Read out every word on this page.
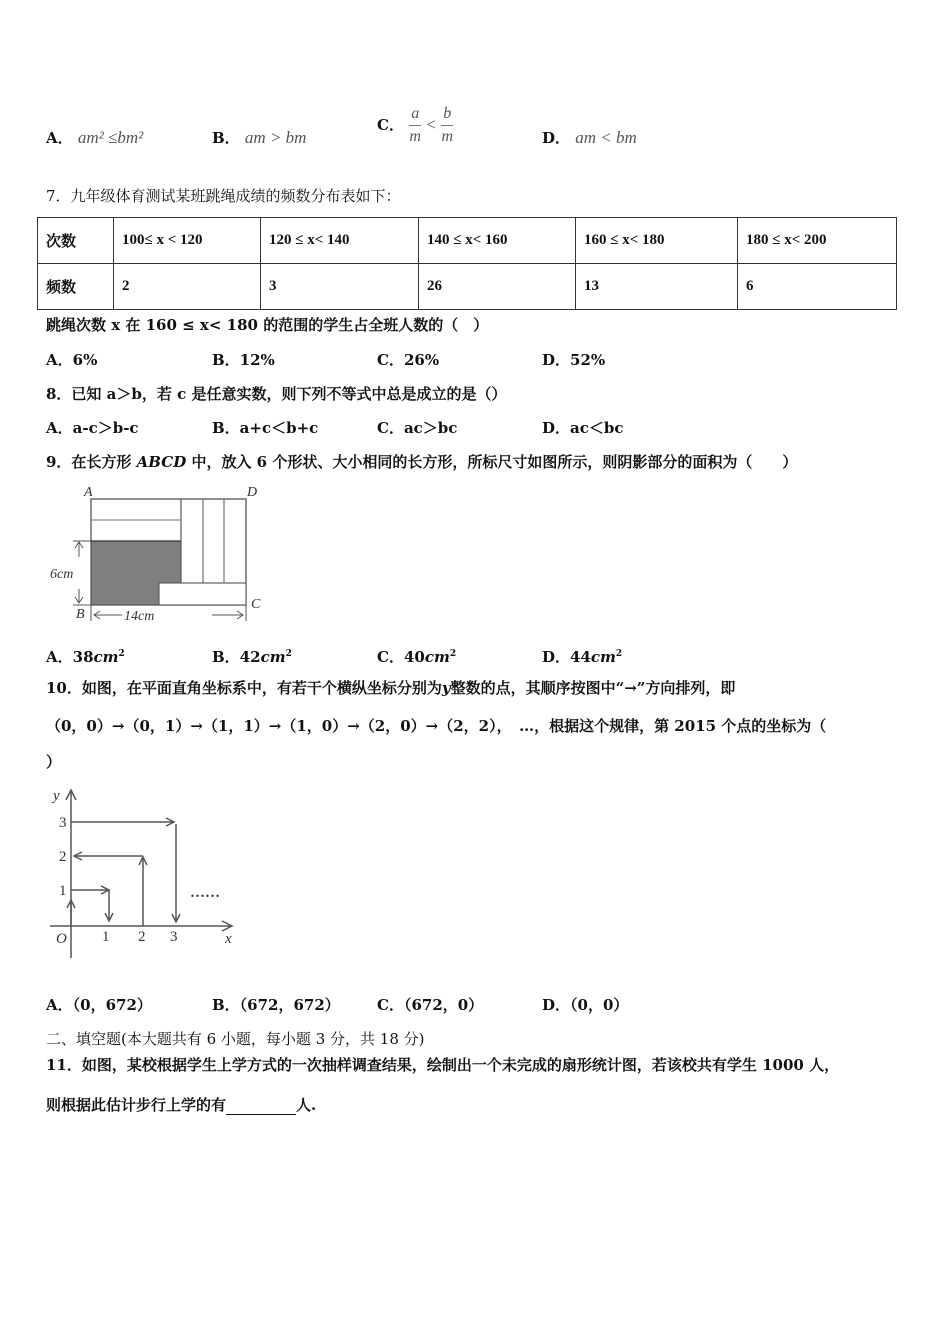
A． am² ≤bm²	B． am > bm
C． $\frac{a}{m} < \frac{b}{m}$	D． am < bm
7．九年级体育测试某班跳绳成绩的频数分布表如下：
次数	100≤ x < 120	120 ≤ x< 140	140 ≤ x< 160	160 ≤ x< 180	180 ≤ x< 200
频数	2	3	26	13	6
跳绳次数 x 在 160 ≤ x< 180 的范围的学生占全班人数的（　）
A．6%	B．12%	C．26%	D．52%
8．已知 a＞b，若 c 是任意实数，则下列不等式中总是成立的是（）
A．a-c＞b-c	B．a+c＜b+c	C．ac＞bc	D．ac＜bc
9．在长方形 ABCD 中，放入 6 个形状、大小相同的长方形，所标尺寸如图所示，则阴影部分的面积为（　　）
6cm
14cm
A	D
B
C
A．$38cm^2$	B．$42cm^2$	C．$40cm^2$	D．$44cm^2$
10．如图，在平面直角坐标系中，有若干个横纵坐标分别为y整数的点，其顺序按图中“→”方向排列，即
（0，0）→（0，1）→（1，1）→（1，0）→（2，0）→（2，2），　…，根据这个规律，第 2015 个点的坐标为（
）
y
x
O
1
2
3
1 2 3
……
A．（0，672）	B．（672，672） C．（672，0）	D．（0，0）
二、填空题(本大题共有 6 小题，每小题 3 分，共 18 分)
11．如图，某校根据学生上学方式的一次抽样调查结果，绘制出一个未完成的扇形统计图，若该校共有学生 1000 人，
则根据此估计步行上学的有	人.
